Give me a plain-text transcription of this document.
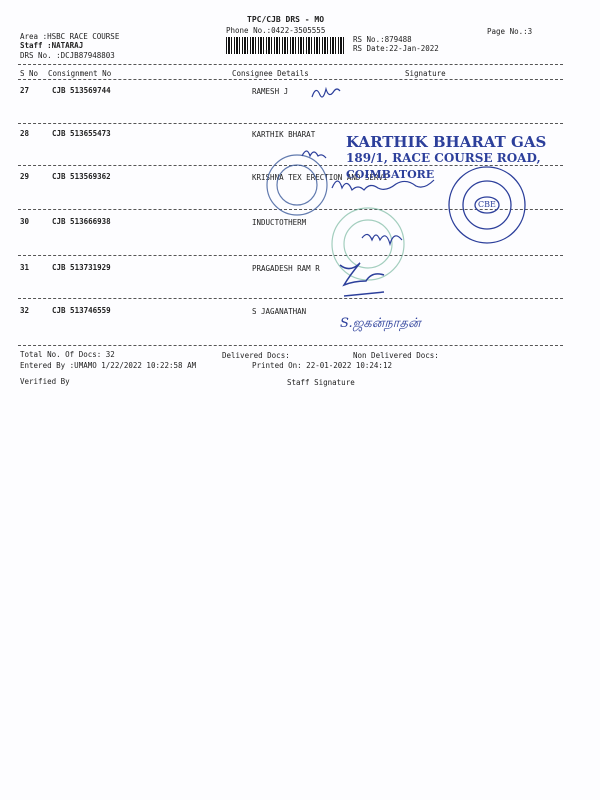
TPC/CJB DRS - MO
Phone No.:0422-3505555	Page No.:3
Area :HSBC RACE COURSE
Staff :NATARAJ
DRS No. :DCJB87948803
RS No.:879488
RS Date:22-Jan-2022
S No Consignment No	Consignee Details	Signature
27	CJB 513569744	RAMESH J
28	CJB 513655473	KARTHIK BHARAT
29	CJB 513569362	KRISHNA TEX ERECTION AND SERVI
30	CJB 513666938	INDUCTOTHERM
31	CJB 513731929	PRAGADESH RAM R
32	CJB 513746559	S JAGANATHAN
Total No. Of Docs: 32	Delivered Docs:	Non Delivered Docs:
Entered By :UMAMO 1/22/2022 10:22:58 AM	Printed On: 22-01-2022 10:24:12
Verified By	Staff Signature
KARTHIK BHARAT GAS
189/1, RACE COURSE ROAD,
COIMBATORE
CBE
S.ஜகன்நாதன்
